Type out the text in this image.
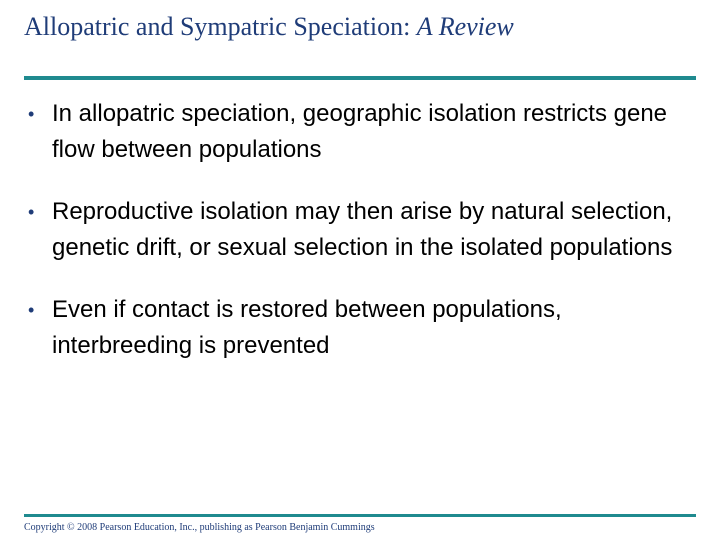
Allopatric and Sympatric Speciation: A Review
• In allopatric speciation, geographic isolation restricts gene flow between populations
• Reproductive isolation may then arise by natural selection, genetic drift, or sexual selection in the isolated populations
• Even if contact is restored between populations, interbreeding is prevented
Copyright © 2008 Pearson Education, Inc., publishing as Pearson Benjamin Cummings
